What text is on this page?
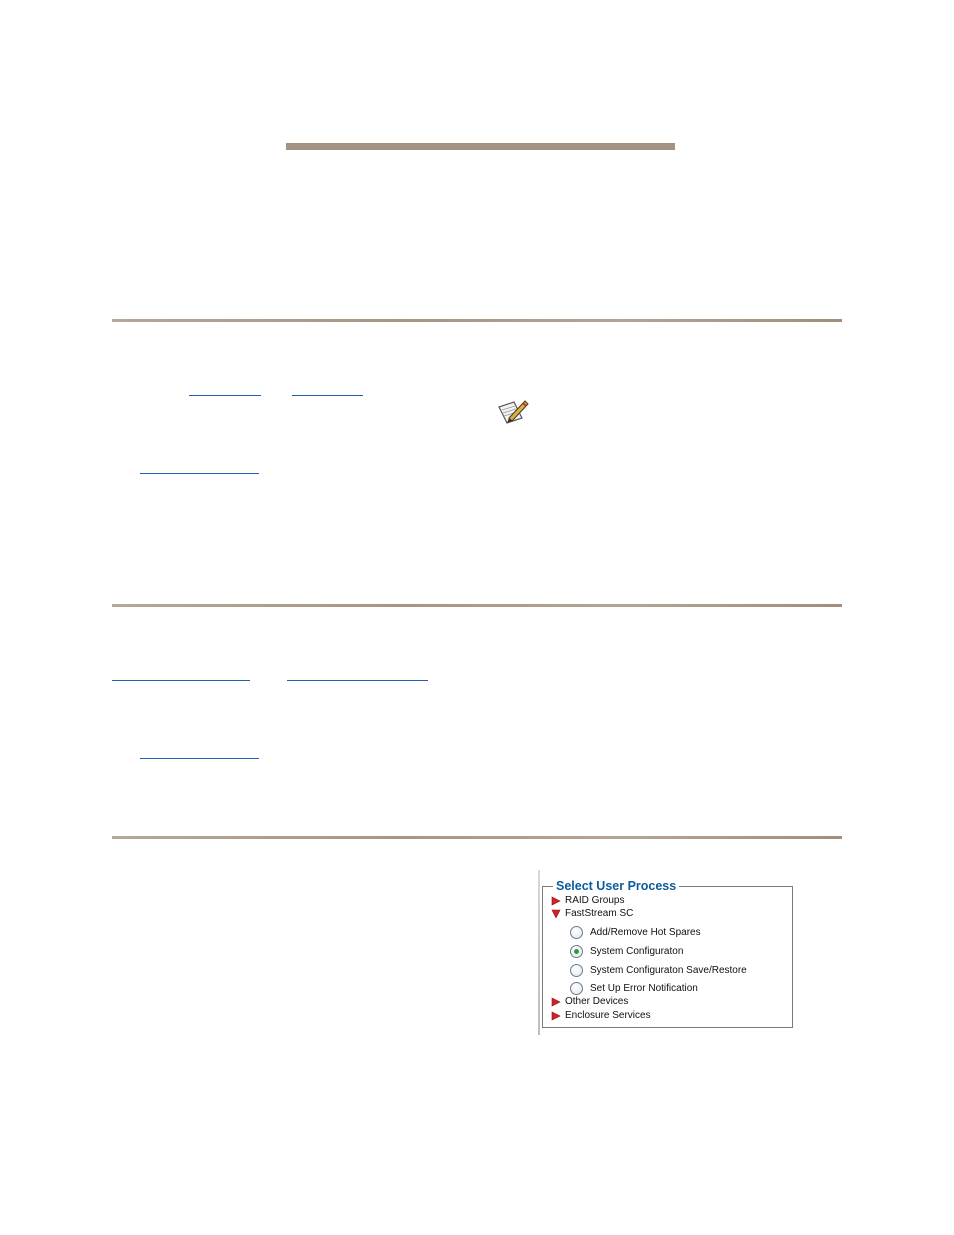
Select User Process
RAID Groups
FastStream SC
Add/Remove Hot Spares
System Configuraton
System Configuraton Save/Restore
Set Up Error Notification
Other Devices
Enclosure Services
